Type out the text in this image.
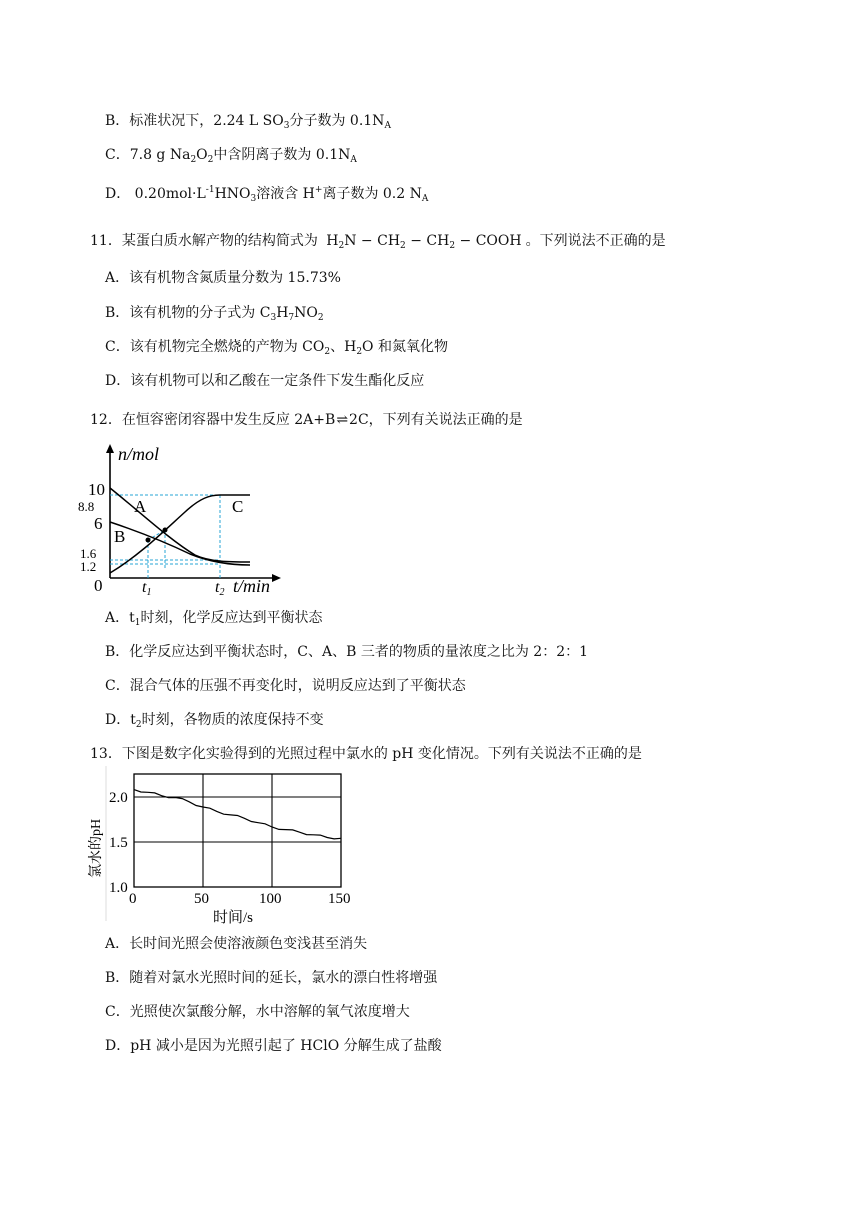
B．标准状况下，2.24 L $SO_3$分子数为 $0.1N_A$
C．7.8 g $Na_2O_2$中含阴离子数为 $0.1N_A$
D． $0.20mol\cdot L^{-1}HNO_3$溶液含 H+离子数为 0.2 $N_A$
11．某蛋白质水解产物的结构简式为 $H_2N - CH_2 - CH_2$ − COOH 。下列说法不正确的是
A．该有机物含氮质量分数为 15.73%
B．该有机物的分子式为 $C_3H_7NO_2$
C．该有机物完全燃烧的产物为 $CO_2$、$H_2O$ 和氮氧化物
D．该有机物可以和乙酸在一定条件下发生酯化反应
12．在恒容密闭容器中发生反应 2A+B⇌2C，下列有关说法正确的是
n/mol
t/min
10
8.8
6
1.6
1.2
0 t1	t2
A
B
C
A．$t_1$时刻，化学反应达到平衡状态
B．化学反应达到平衡状态时，C、A、B 三者的物质的量浓度之比为 2：2：1
C．混合气体的压强不再变化时，说明反应达到了平衡状态
D．$t_2$时刻，各物质的浓度保持不变
13．下图是数字化实验得到的光照过程中氯水的 pH 变化情况。下列有关说法不正确的是
2.0
1.5
1.0
0	50	100	150
时间/s
氯水的pH
A．长时间光照会使溶液颜色变浅甚至消失
B．随着对氯水光照时间的延长，氯水的漂白性将增强
C．光照使次氯酸分解，水中溶解的氧气浓度增大
D．pH 减小是因为光照引起了 HClO 分解生成了盐酸
